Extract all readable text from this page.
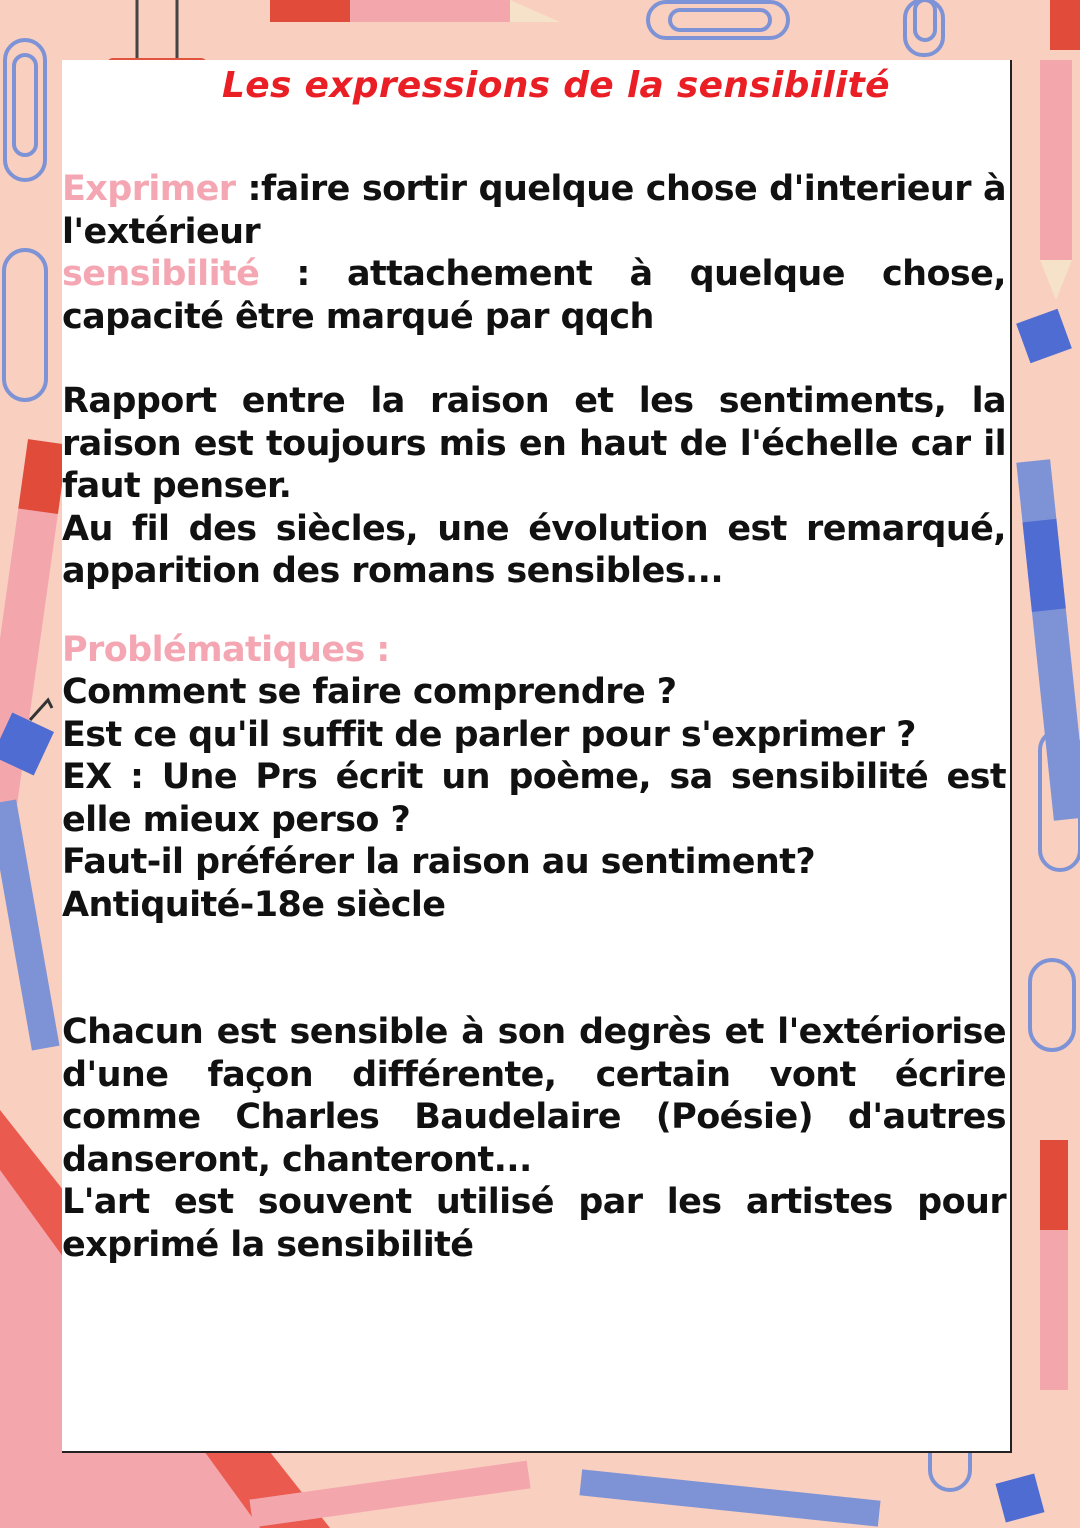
Les expressions de la sensibilité

Exprimer :faire sortir quelque chose d'interieur à l'extérieur

sensibilité : attachement à quelque chose, capacité être marqué par qqch

Rapport entre la raison et les sentiments, la raison est toujours mis en haut de l'échelle car il faut penser.

Au fil des siècles, une évolution est remarqué, apparition des romans sensibles...

Problématiques :

Comment se faire comprendre ?

Est ce qu'il suffit de parler pour s'exprimer ?

EX : Une Prs écrit un poème, sa sensibilité est elle mieux perso ?

Faut-il préférer la raison au sentiment?

Antiquité-18e siècle

Chacun est sensible à son degrès et l'extériorise d'une façon différente, certain vont écrire comme Charles Baudelaire (Poésie) d'autres danseront, chanteront...

L'art est souvent utilisé par les artistes pour exprimé la sensibilité
